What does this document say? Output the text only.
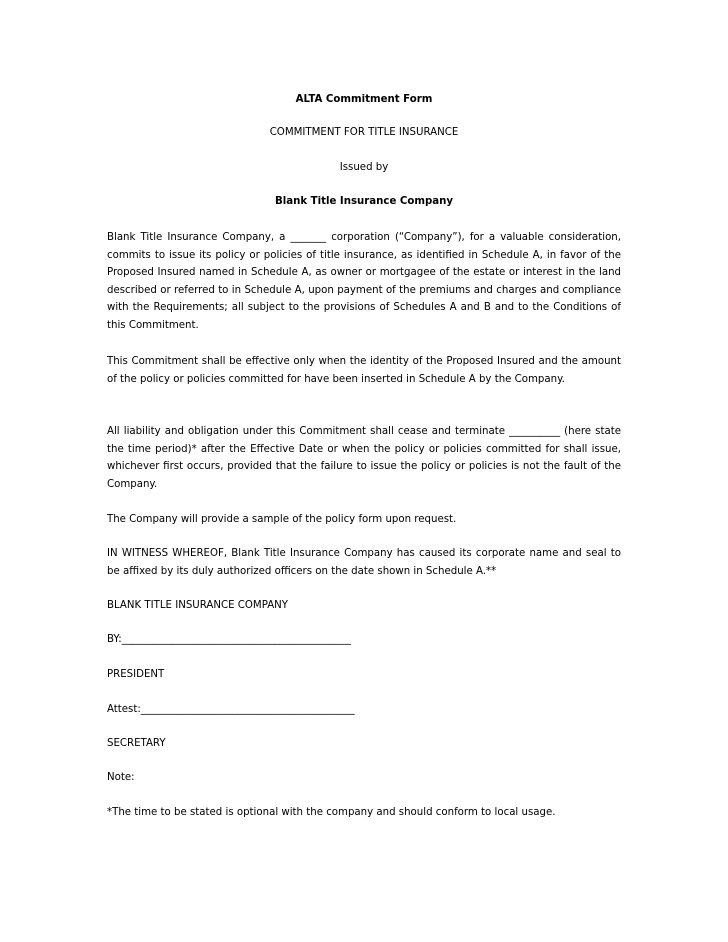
ALTA Commitment Form
COMMITMENT FOR TITLE INSURANCE
Issued by
Blank Title Insurance Company
Blank Title Insurance Company, a _______ corporation (“Company”), for a valuable consideration, commits to issue its policy or policies of title insurance, as identified in Schedule A, in favor of the Proposed Insured named in Schedule A, as owner or mortgagee of the estate or interest in the land described or referred to in Schedule A, upon payment of the premiums and charges and compliance with the Requirements; all subject to the provisions of Schedules A and B and to the Conditions of this Commitment.
This Commitment shall be effective only when the identity of the Proposed Insured and the amount of the policy or policies committed for have been inserted in Schedule A by the Company.
All liability and obligation under this Commitment shall cease and terminate __________ (here state the time period)* after the Effective Date or when the policy or policies committed for shall issue, whichever first occurs, provided that the failure to issue the policy or policies is not the fault of the Company.
The Company will provide a sample of the policy form upon request.
IN WITNESS WHEREOF, Blank Title Insurance Company has caused its corporate name and seal to be affixed by its duly authorized officers on the date shown in Schedule A.**
BLANK TITLE INSURANCE COMPANY
BY:_____________________________________________
PRESIDENT
Attest:__________________________________________
SECRETARY
Note:
*The time to be stated is optional with the company and should conform to local usage.
